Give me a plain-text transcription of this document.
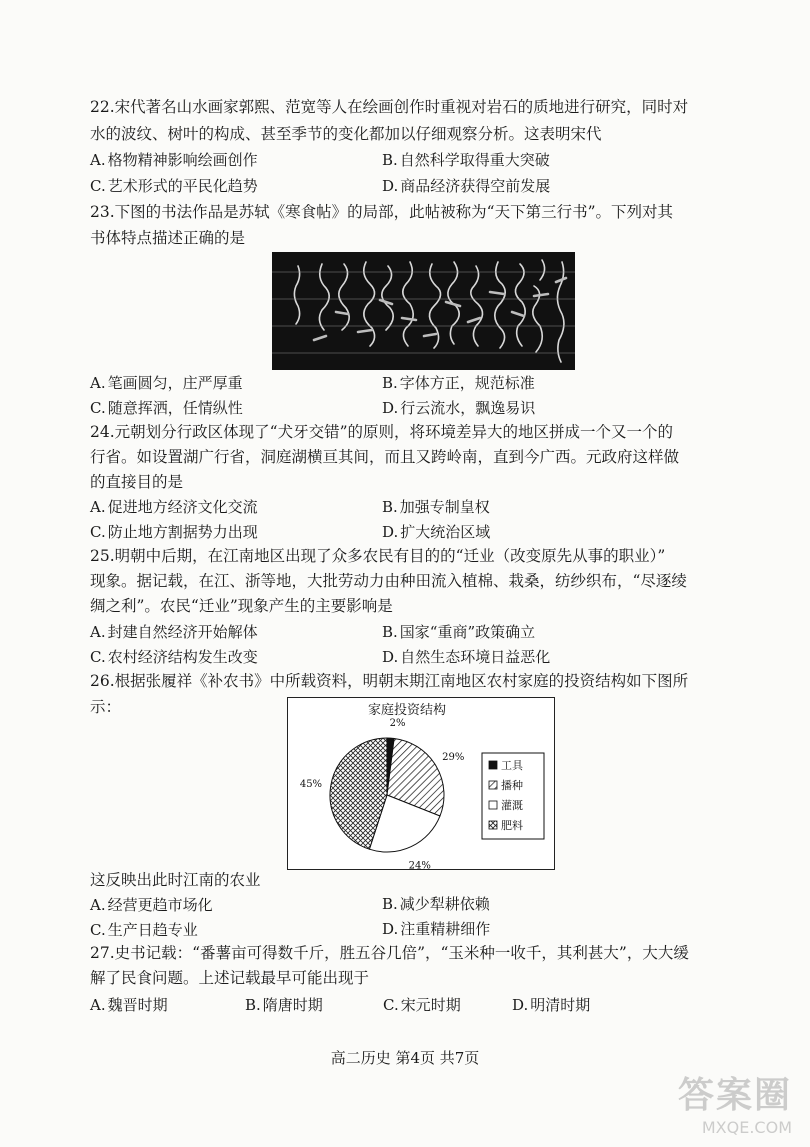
22.宋代著名山水画家郭熙、范宽等人在绘画创作时重视对岩石的质地进行研究，同时对
水的波纹、树叶的构成、甚至季节的变化都加以仔细观察分析。这表明宋代
A. 格物精神影响绘画创作	B. 自然科学取得重大突破
C. 艺术形式的平民化趋势	D. 商品经济获得空前发展
23.下图的书法作品是苏轼《寒食帖》的局部，此帖被称为“天下第三行书”。下列对其
书体特点描述正确的是
A. 笔画圆匀，庄严厚重	B. 字体方正，规范标准
C. 随意挥洒，任情纵性	D. 行云流水，飘逸易识
24.元朝划分行政区体现了“犬牙交错”的原则，将环境差异大的地区拼成一个又一个的
行省。如设置湖广行省，洞庭湖横亘其间，而且又跨岭南，直到今广西。元政府这样做
的直接目的是
A. 促进地方经济文化交流	B. 加强专制皇权
C. 防止地方割据势力出现	D. 扩大统治区域
25.明朝中后期，在江南地区出现了众多农民有目的的“迁业（改变原先从事的职业）”
现象。据记载，在江、浙等地，大批劳动力由种田流入植棉、栽桑，纺纱织布，“尽逐绫
绸之利”。农民“迁业”现象产生的主要影响是
A. 封建自然经济开始解体	B. 国家“重商”政策确立
C. 农村经济结构发生改变	D. 自然生态环境日益恶化
26.根据张履祥《补农书》中所载资料，明朝末期江南地区农村家庭的投资结构如下图所
示：	家庭投资结构
2%
29%
24%
45%
工具
播种
灌溉
肥料
这反映出此时江南的农业
A. 经营更趋市场化	B. 减少犁耕依赖
C. 生产日趋专业	D. 注重精耕细作
27.史书记载：“番薯亩可得数千斤，胜五谷几倍”，“玉米种一收千，其利甚大”，大大缓
解了民食问题。上述记载最早可能出现于
A. 魏晋时期	B. 隋唐时期	C. 宋元时期	D. 明清时期
高二历史 第4页 共7页
答案圈
MXQE.COM
